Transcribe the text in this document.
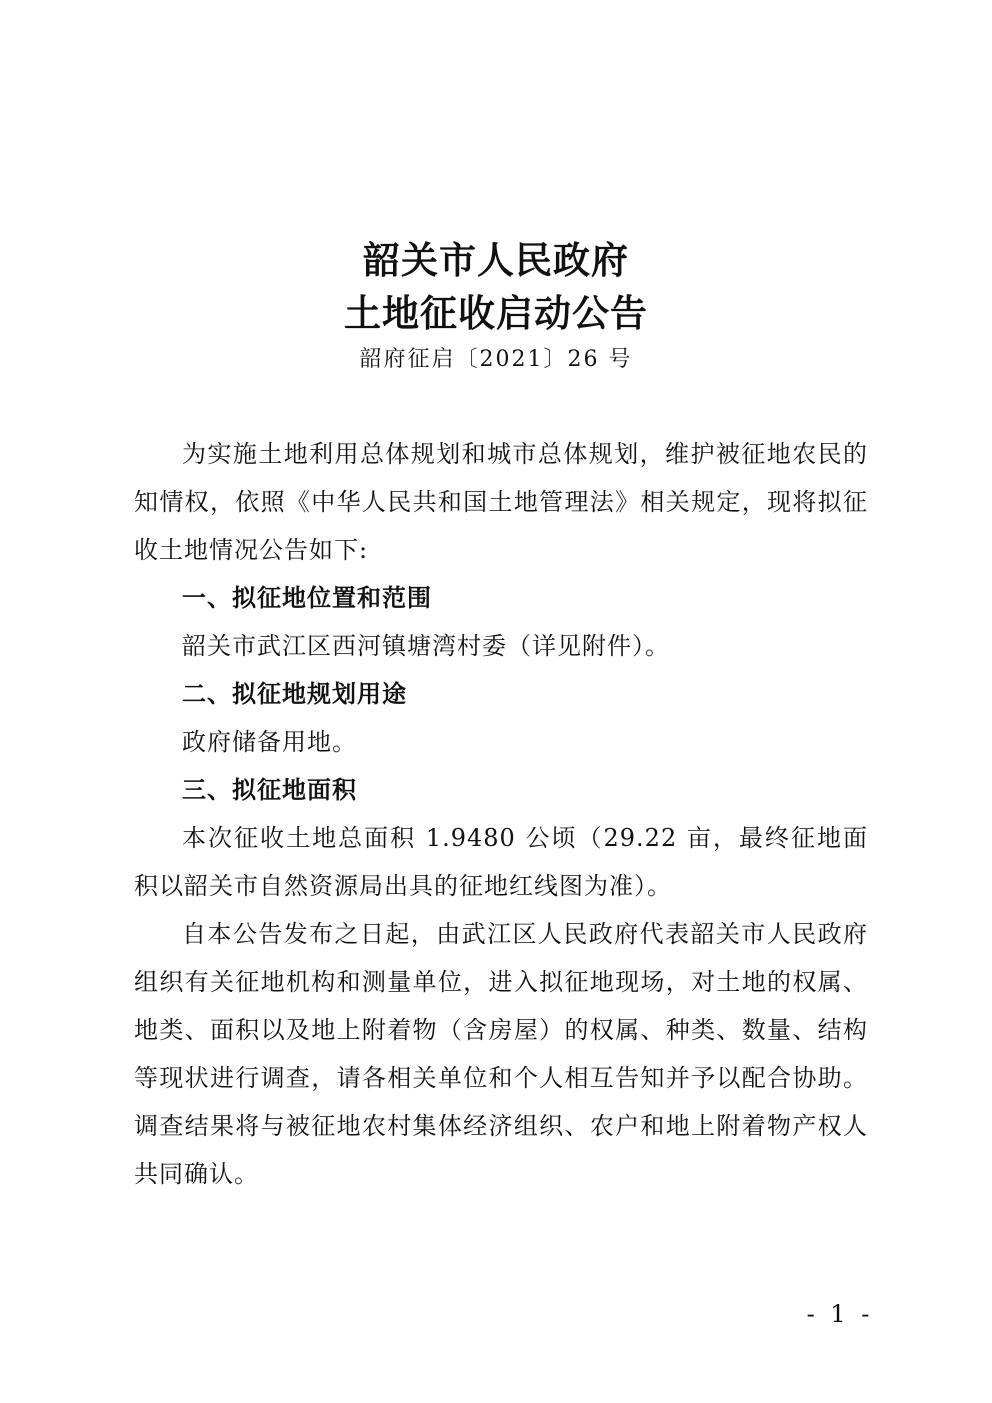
韶关市人民政府
土地征收启动公告
韶府征启〔2021〕26 号

为实施土地利用总体规划和城市总体规划，维护被征地农民的知情权，依照《中华人民共和国土地管理法》相关规定，现将拟征收土地情况公告如下:

一、拟征地位置和范围

韶关市武江区西河镇塘湾村委（详见附件）。

二、拟征地规划用途

政府储备用地。

三、拟征地面积

本次征收土地总面积 1.9480 公顷（29.22 亩，最终征地面积以韶关市自然资源局出具的征地红线图为准）。

自本公告发布之日起，由武江区人民政府代表韶关市人民政府组织有关征地机构和测量单位，进入拟征地现场，对土地的权属、地类、面积以及地上附着物（含房屋）的权属、种类、数量、结构等现状进行调查，请各相关单位和个人相互告知并予以配合协助。调查结果将与被征地农村集体经济组织、农户和地上附着物产权人共同确认。

- 1 -
